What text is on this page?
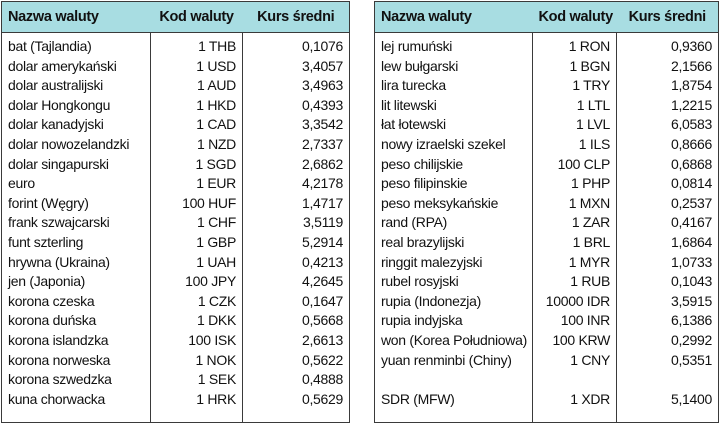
Nazwa waluty	Kod waluty	Kurs średni
bat (Tajlandia)	1 THB	0,1076
dolar amerykański	1 USD	3,4057
dolar australijski	1 AUD	3,4963
dolar Hongkongu	1 HKD	0,4393
dolar kanadyjski	1 CAD	3,3542
dolar nowozelandzki	1 NZD	2,7337
dolar singapurski	1 SGD	2,6862
euro	1 EUR	4,2178
forint (Węgry)	100 HUF	1,4717
frank szwajcarski	1 CHF	3,5119
funt szterling	1 GBP	5,2914
hrywna (Ukraina)	1 UAH	0,4213
jen (Japonia)	100 JPY	4,2645
korona czeska	1 CZK	0,1647
korona duńska	1 DKK	0,5668
korona islandzka	100 ISK	2,6613
korona norweska	1 NOK	0,5622
korona szwedzka	1 SEK	0,4888
kuna chorwacka	1 HRK	0,5629

Nazwa waluty	Kod waluty	Kurs średni
lej rumuński	1 RON	0,9360
lew bułgarski	1 BGN	2,1566
lira turecka	1 TRY	1,8754
lit litewski	1 LTL	1,2215
łat łotewski	1 LVL	6,0583
nowy izraelski szekel	1 ILS	0,8666
peso chilijskie	100 CLP	0,6868
peso filipinskie	1 PHP	0,0814
peso meksykańskie	1 MXN	0,2537
rand (RPA)	1 ZAR	0,4167
real brazylijski	1 BRL	1,6864
ringgit malezyjski	1 MYR	1,0733
rubel rosyjski	1 RUB	0,1043
rupia (Indonezja)	10000 IDR	3,5915
rupia indyjska	100 INR	6,1386
won (Korea Południowa)	100 KRW	0,2992
yuan renminbi (Chiny)	1 CNY	0,5351

SDR (MFW)	1 XDR	5,1400
